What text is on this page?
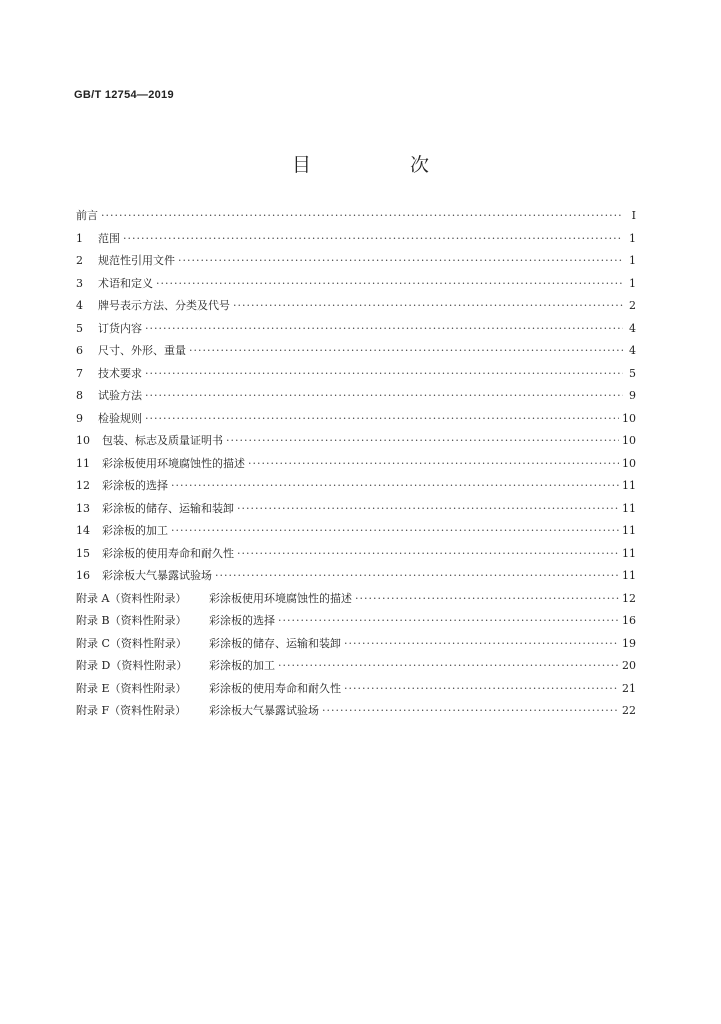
GB/T 12754—2019
目　次
前言 ·····	Ⅰ
1	范围 ·····	1
2	规范性引用文件 ·····	1
3	术语和定义 ·····	1
4	牌号表示方法、分类及代号 ·····	2
5	订货内容 ·····	4
6	尺寸、外形、重量 ·····	4
7	技术要求 ·····	5
8	试验方法 ·····	9
9	检验规则 ·····	10
10	包装、标志及质量证明书 ·····	10
11	彩涂板使用环境腐蚀性的描述 ·····	10
12	彩涂板的选择 ·····	11
13	彩涂板的储存、运输和装卸 ·····	11
14	彩涂板的加工 ·····	11
15	彩涂板的使用寿命和耐久性 ·····	11
16	彩涂板大气暴露试验场 ·····	11
附录 A（资料性附录）	彩涂板使用环境腐蚀性的描述 ·····	12
附录 B（资料性附录）	彩涂板的选择 ·····	16
附录 C（资料性附录）	彩涂板的储存、运输和装卸 ·····	19
附录 D（资料性附录）	彩涂板的加工 ·····	20
附录 E（资料性附录）	彩涂板的使用寿命和耐久性 ·····	21
附录 F（资料性附录）	彩涂板大气暴露试验场 ·····	22
